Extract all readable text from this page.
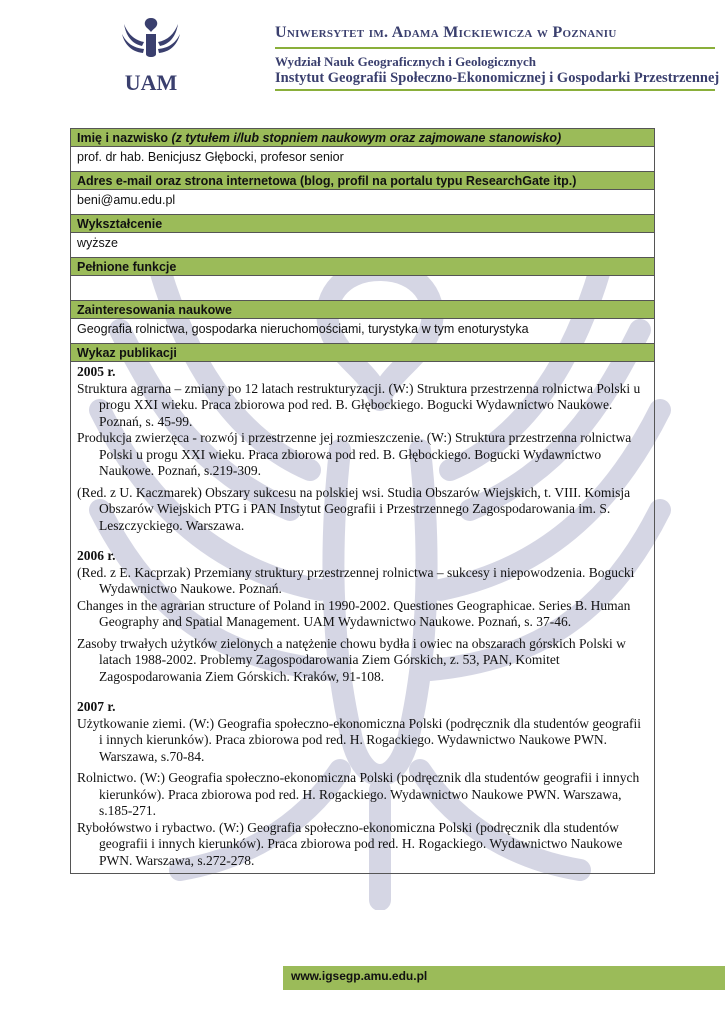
UAM
Uniwersytet im. Adama Mickiewicza w Poznaniu
Wydział Nauk Geograficznych i Geologicznych
Instytut Geografii Społeczno-Ekonomicznej i Gospodarki Przestrzennej
Imię i nazwisko (z tytułem i/lub stopniem naukowym oraz zajmowane stanowisko)
prof. dr hab. Benicjusz Głębocki, profesor senior
Adres e-mail oraz strona internetowa (blog, profil na portalu typu ResearchGate itp.)
beni@amu.edu.pl
Wykształcenie
wyższe
Pełnione funkcje
Zainteresowania naukowe
Geografia rolnictwa, gospodarka nieruchomościami, turystyka w tym enoturystyka
Wykaz publikacji
2005 r.

Struktura agrarna – zmiany po 12 latach restrukturyzacji. (W:) Struktura przestrzenna rolnictwa Polski u progu XXI wieku. Praca zbiorowa pod red. B. Głębockiego. Bogucki Wydawnictwo Naukowe. Poznań, s. 45-99.

Produkcja zwierzęca - rozwój i przestrzenne jej rozmieszczenie. (W:) Struktura przestrzenna rolnictwa Polski u progu XXI wieku. Praca zbiorowa pod red. B. Głębockiego. Bogucki Wydawnictwo Naukowe. Poznań, s.219-309.

(Red. z U. Kaczmarek) Obszary sukcesu na polskiej wsi. Studia Obszarów Wiejskich, t. VIII. Komisja Obszarów Wiejskich PTG i PAN Instytut Geografii i Przestrzennego Zagospodarowania im. S. Leszczyckiego. Warszawa.

2006 r.

(Red. z E. Kacprzak) Przemiany struktury przestrzennej rolnictwa – sukcesy i niepowodzenia. Bogucki Wydawnictwo Naukowe. Poznań.

Changes in the agrarian structure of Poland in 1990-2002. Questiones Geographicae. Series B. Human Geography and Spatial Management. UAM Wydawnictwo Naukowe. Poznań, s. 37-46.

Zasoby trwałych użytków zielonych a natężenie chowu bydła i owiec na obszarach górskich Polski w latach 1988-2002. Problemy Zagospodarowania Ziem Górskich, z. 53, PAN, Komitet Zagospodarowania Ziem Górskich. Kraków, 91-108.

2007 r.

Użytkowanie ziemi. (W:) Geografia społeczno-ekonomiczna Polski (podręcznik dla studentów geografii i innych kierunków). Praca zbiorowa pod red. H. Rogackiego. Wydawnictwo Naukowe PWN. Warszawa, s.70-84.

Rolnictwo. (W:) Geografia społeczno-ekonomiczna Polski (podręcznik dla studentów geografii i innych kierunków). Praca zbiorowa pod red. H. Rogackiego. Wydawnictwo Naukowe PWN. Warszawa, s.185-271.

Rybołówstwo i rybactwo. (W:) Geografia społeczno-ekonomiczna Polski (podręcznik dla studentów geografii i innych kierunków). Praca zbiorowa pod red. H. Rogackiego. Wydawnictwo Naukowe PWN. Warszawa, s.272-278.

www.igsegp.amu.edu.pl
